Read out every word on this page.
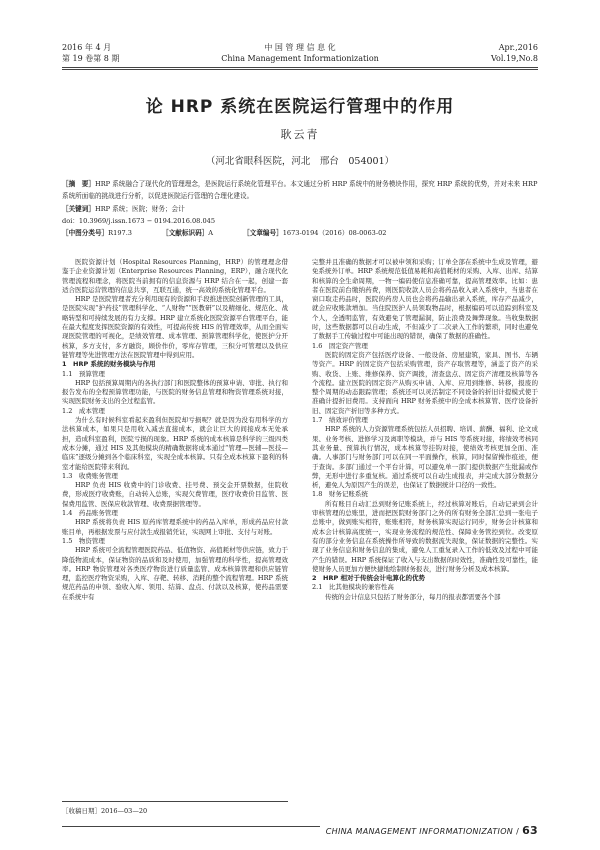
2016 年 4 月
第 19 卷第 8 期
中 国 管 理 信 息 化
China Management Informationization
Apr.,2016
Vol.19,No.8
论 HRP 系统在医院运行管理中的作用
耿云青
（河北省眼科医院，河北　邢台　054001）
［摘　要］HRP 系统融合了现代化的管理理念，是医院运行系统化管理平台。本文通过分析 HRP 系统中的财务模块作用，探究 HRP 系统的优势，并对未来 HRP 系统所面临的挑战进行分析，以促进医院运行管理的合理化建设。
［关键词］HRP 系统；医院；财务；会计
doi：10.3969/j.issn.1673 − 0194.2016.08.045
［中图分类号］R197.3	［文献标识码］A	［文章编号］1673-0194（2016）08-0063-02

医院资源计划（Hospital Resources Planning，HRP）的管理理念借鉴于企业资源计划（Enterprise Resources Planning，ERP），融合现代化管理流程和理念，将医院当前拥有的信息资源与 HRP 结合在一起，创建一套适合医院运营管理的信息共享，互联互通，统一高效的系统化管理平台。

HRP 是医院管理者充分利用现有的资源和手段推进医院创新管理的工具，是医院实现“护药技”管理科学化、“人财物”“医教研”以及精细化、规范化、战略转型和可持续发展的有力支撑。HRP 建立系统化医院资源平台管理平台，能在最大程度发挥医院资源的有效性，可提高传统 HIS 的管理效率，从而全面实现医院管理的可视化，是绩效管理、成本管理、预算管理科学化，使医护分开核算，多方支付，多方融资，顾价作价，零库存管理，三积分可管理以及供应链管理等先进管理方法在医院管理中得到应用。

1　HRP 系统的财务模块与作用
1.1　预算管理

HRP 包括预算周期内的各执行部门和医院整体的预算申请、审批、执行和报告发布的全程预算管理功能，与医院的财务信息管理和物资管理系统对接，实现医院财务支出的全过程监管。

1.2　成本管理

为什么有时候科室看起来盈利但医院却亏损呢？就是因为没有用科学的方法核算成本，如果只是用收入减去直接成本，就会让巨大的间接成本无处承担，造成科室盈利，医院亏损的现象。HRP 系统的成本核算是科学的三级四类成本分摊，通过 HIS 及其他模块的精确数据将成本通过“管理—医辅—医技—临床”逐级分摊到各个临床科室，实现全成本核算。只有全成本核算下盈利的科室才能给医院带来利润。

1.3　收费账务管理

HRP 负责 HIS 收费中的门诊收费、挂号费、预交金开票数据，住院收费，形成医疗收费账，自动转入总账，实现欠费管理，医疗收费价目监管、医保费用监管、医保应收款管理、收费票据管理等。

1.4　药品账务管理

HRP 系统将负责 HIS 原药库管理系统中的药品入库单，形成药品应付款账目单，再根据发票与应付款生成报销凭证，实现网上审批、支付与对账。

1.5　物资管理

HRP 系统可全流程管理医院药品、低值物资、高值耗材等供应链，致力于降低物流成本，保证物资的品质和及时使用，加强管理的科学性，提高管理效率。HRP 物资管理对各类医疗物资进行质量监管、成本核算管理和供应链管理，监控医疗物资采购，入库、存靶、转移、消耗的整个流程管理。HRP 系统规范药品的申领、验收入库、领用、结算、盘点、付款以及核算，使药品需要在系统中有

完整并且准确的数据才可以被申领和采购；订单全部在系统中生成及管理，避免系统外订单。HRP 系统规范低值易耗和高值耗材的采购、入库、出库、结算和核算的全生命周期，一物一编码使信息准确可靠，提高管理效率。比如：患者在医院前台缴纳药费，则医院收款人员会将药品收入录入系统中，当患者在窗口取走药品时，医院的药房人员也会将药品输出录入系统，库存产品减少，就会应收账款增加。当住院医护人员领取物品时，根据编码可以追踪到科室及个人，全透明监管，有效避免了管理漏洞，防止浪费及舞弊现象。当收集数据时，这些数据都可以自动生成，不但减少了二次录入工作的繁琐，同时也避免了数据手工传输过程中可能出现的错误，确保了数据的准确性。

1.6　固定资产管理

医院的固定资产包括医疗设备、一般设备、房屋建筑，家具、图书、车辆等资产。HRP 的固定资产包括采购管理，资产存取管理等，涵盖了资产的采购、收货、上账、维修保养、资产调拨，清查盘点、固定资产清理及核算等各个流程。建立医院的固定资产从购买申请、入库、应用到维修、转移，报废的整个周期的动态跟踪管理；系统还可以灵活制定不同设备的折旧计提模式使于准确计提折旧费用。支持面向 HRP 财务系统中的全成本核算管、医疗设备折旧、固定资产折旧等多种方式。

1.7　绩效评价管理

HRP 系统的人力资源管理系统包括人员招聘、培训、薪酬、福利、论文成果、业务考核、进修学习及离职等模块，并与 HIS 等系统对接，将绩效考核同其业务量、预算执行情况，成本核算等挂钩对接，使绩效考核更加全面、准确。人事部门与财务部门可以在同一平面操作，核算，同时保留操作痕迹，便于查询。多部门通过一个平台计算，可以避免单一部门提供数据产生纰漏或作弊，无形中进行多重复核。通过系统可以自动生成报表，并完成大部分数据分析，避免人为原因产生的误差，也保证了数据统计口径的一致性。

1.8　财务记账系统

所有账目自动汇总到财务记账系统上，经过核算对账后，自动记录到会计审核管理的总账里，进而把医院财务部门之外的所有财务全部汇总到一张电子总账中，做到账实相符，账账相符，财务核算实现运行同步，财务会计核算和成本会计核算高度统一，实现业务流程的规范性、保障业务管控到位。改变原有的部分业务信息在系统操作所导致的数据流失现象，保证数据的完整性。实现了业务信息和财务信息的集成，避免人工重复录入工作的低效及过程中可能产生的错误。HRP 系统保证了收入与支出数据的时效性，准确性及可靠性，能使财务人员更加方便快捷地绘制财务报表，进行财务分析及成本核算。

2　HRP 相对于传统会计电算化的优势
2.1　比其他模块的兼容性高

传统的会计信息只包括了财务部分，每月的报表都需要各个部

［收稿日期］2016—03—20
CHINA MANAGEMENT INFORMATIONIZATION / 63
